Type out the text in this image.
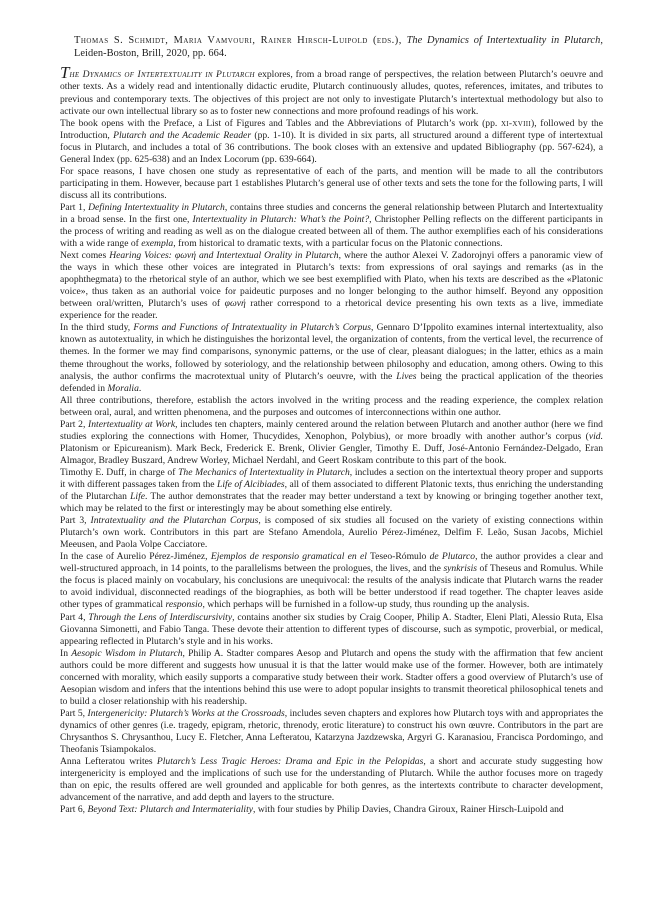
Thomas S. Schmidt, Maria Vamvouri, Rainer Hirsch-Luipold (eds.), The Dynamics of Intertextuality in Plutarch, Leiden-Boston, Brill, 2020, pp. 664.

The Dynamics of Intertextuality in Plutarch explores, from a broad range of perspectives, the relation between Plutarch’s oeuvre and other texts. As a widely read and intentionally didactic erudite, Plutarch continuously alludes, quotes, references, imitates, and tributes to previous and contemporary texts. The objectives of this project are not only to investigate Plutarch’s intertextual methodology but also to activate our own intellectual library so as to foster new connections and more profound readings of his work.

The book opens with the Preface, a List of Figures and Tables and the Abbreviations of Plutarch’s work (pp. xi-xviii), followed by the Introduction, Plutarch and the Academic Reader (pp. 1-10). It is divided in six parts, all structured around a different type of intertextual focus in Plutarch, and includes a total of 36 contributions. The book closes with an extensive and updated Bibliography (pp. 567-624), a General Index (pp. 625-638) and an Index Locorum (pp. 639-664).

For space reasons, I have chosen one study as representative of each of the parts, and mention will be made to all the contributors participating in them. However, because part 1 establishes Plutarch’s general use of other texts and sets the tone for the following parts, I will discuss all its contributions.

Part 1, Defining Intertextuality in Plutarch, contains three studies and concerns the general relationship between Plutarch and Intertextuality in a broad sense. In the first one, Intertextuality in Plutarch: What’s the Point?, Christopher Pelling reflects on the different participants in the process of writing and reading as well as on the dialogue created between all of them. The author exemplifies each of his considerations with a wide range of exempla, from historical to dramatic texts, with a particular focus on the Platonic connections.

Next comes Hearing Voices: φωνή and Intertextual Orality in Plutarch, where the author Alexei V. Zadorojnyi offers a panoramic view of the ways in which these other voices are integrated in Plutarch’s texts: from expressions of oral sayings and remarks (as in the apophthegmata) to the rhetorical style of an author, which we see best exemplified with Plato, when his texts are described as the «Platonic voice», thus taken as an authorial voice for paideutic purposes and no longer belonging to the author himself. Beyond any opposition between oral/written, Plutarch’s uses of φωνή rather correspond to a rhetorical device presenting his own texts as a live, immediate experience for the reader.

In the third study, Forms and Functions of Intratextuality in Plutarch’s Corpus, Gennaro D’Ippolito examines internal intertextuality, also known as autotextuality, in which he distinguishes the horizontal level, the organization of contents, from the vertical level, the recurrence of themes. In the former we may find comparisons, synonymic patterns, or the use of clear, pleasant dialogues; in the latter, ethics as a main theme throughout the works, followed by soteriology, and the relationship between philosophy and education, among others. Owing to this analysis, the author confirms the macrotextual unity of Plutarch’s oeuvre, with the Lives being the practical application of the theories defended in Moralia.

All three contributions, therefore, establish the actors involved in the writing process and the reading experience, the complex relation between oral, aural, and written phenomena, and the purposes and outcomes of interconnections within one author.

Part 2, Intertextuality at Work, includes ten chapters, mainly centered around the relation between Plutarch and another author (here we find studies exploring the connections with Homer, Thucydides, Xenophon, Polybius), or more broadly with another author’s corpus (vid. Platonism or Epicureanism). Mark Beck, Frederick E. Brenk, Olivier Gengler, Timothy E. Duff, José-Antonio Fernández-Delgado, Eran Almagor, Bradley Buszard, Andrew Worley, Michael Nerdahl, and Geert Roskam contribute to this part of the book.

Timothy E. Duff, in charge of The Mechanics of Intertextuality in Plutarch, includes a section on the intertextual theory proper and supports it with different passages taken from the Life of Alcibiades, all of them associated to different Platonic texts, thus enriching the understanding of the Plutarchan Life. The author demonstrates that the reader may better understand a text by knowing or bringing together another text, which may be related to the first or interestingly may be about something else entirely.

Part 3, Intratextuality and the Plutarchan Corpus, is composed of six studies all focused on the variety of existing connections within Plutarch’s own work. Contributors in this part are Stefano Amendola, Aurelio Pérez-Jiménez, Delfim F. Leão, Susan Jacobs, Michiel Meeusen, and Paola Volpe Cacciatore.

In the case of Aurelio Pérez-Jiménez, Ejemplos de responsio gramatical en el Teseo-Rómulo de Plutarco, the author provides a clear and well-structured approach, in 14 points, to the parallelisms between the prologues, the lives, and the synkrisis of Theseus and Romulus. While the focus is placed mainly on vocabulary, his conclusions are unequivocal: the results of the analysis indicate that Plutarch warns the reader to avoid individual, disconnected readings of the biographies, as both will be better understood if read together. The chapter leaves aside other types of grammatical responsio, which perhaps will be furnished in a follow-up study, thus rounding up the analysis.

Part 4, Through the Lens of Interdiscursivity, contains another six studies by Craig Cooper, Philip A. Stadter, Eleni Plati, Alessio Ruta, Elsa Giovanna Simonetti, and Fabio Tanga. These devote their attention to different types of discourse, such as sympotic, proverbial, or medical, appearing reflected in Plutarch’s style and in his works.

In Aesopic Wisdom in Plutarch, Philip A. Stadter compares Aesop and Plutarch and opens the study with the affirmation that few ancient authors could be more different and suggests how unusual it is that the latter would make use of the former. However, both are intimately concerned with morality, which easily supports a comparative study between their work. Stadter offers a good overview of Plutarch’s use of Aesopian wisdom and infers that the intentions behind this use were to adopt popular insights to transmit theoretical philosophical tenets and to build a closer relationship with his readership.

Part 5, Intergenericity: Plutarch’s Works at the Crossroads, includes seven chapters and explores how Plutarch toys with and appropriates the dynamics of other genres (i.e. tragedy, epigram, rhetoric, threnody, erotic literature) to construct his own œuvre. Contributors in the part are Chrysanthos S. Chrysanthou, Lucy E. Fletcher, Anna Lefteratou, Katarzyna Jazdzewska, Argyri G. Karanasiou, Francisca Pordomingo, and Theofanis Tsiampokalos.

Anna Lefteratou writes Plutarch’s Less Tragic Heroes: Drama and Epic in the Pelopidas, a short and accurate study suggesting how intergenericity is employed and the implications of such use for the understanding of Plutarch. While the author focuses more on tragedy than on epic, the results offered are well grounded and applicable for both genres, as the intertexts contribute to character development, advancement of the narrative, and add depth and layers to the structure.

Part 6, Beyond Text: Plutarch and Intermateriality, with four studies by Philip Davies, Chandra Giroux, Rainer Hirsch-Luipold and
